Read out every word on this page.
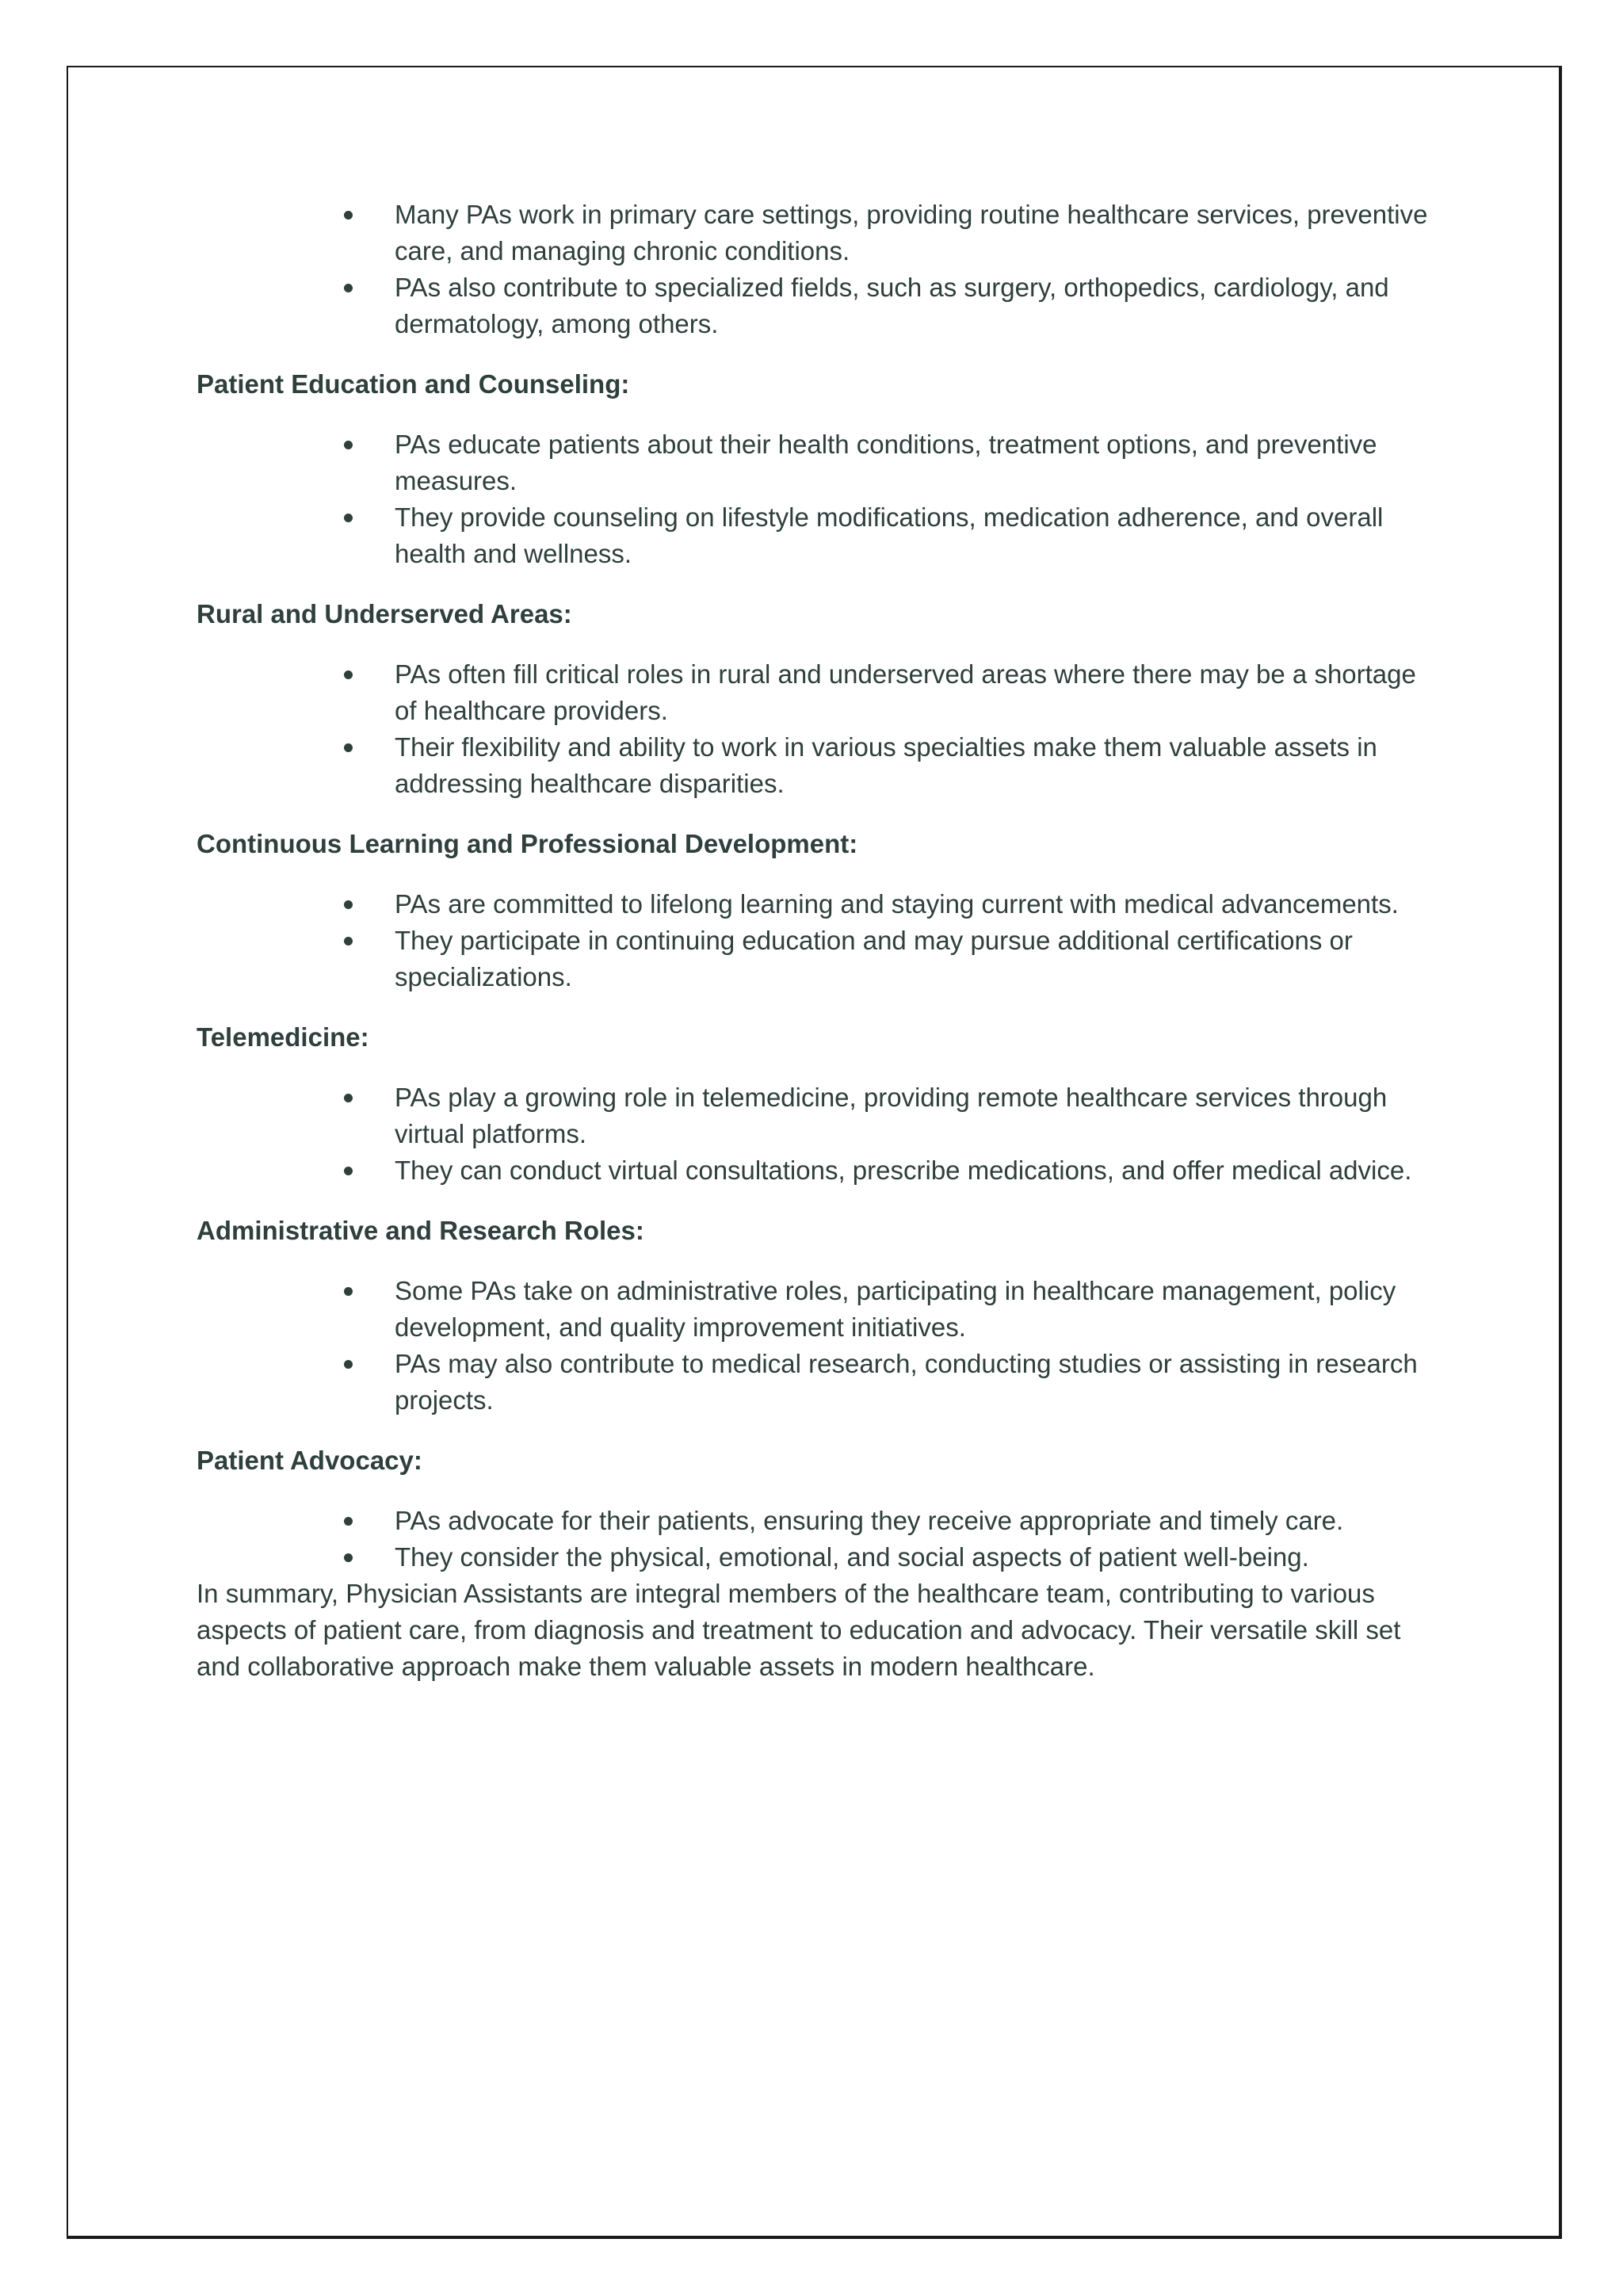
Many PAs work in primary care settings, providing routine healthcare services, preventive care, and managing chronic conditions.
PAs also contribute to specialized fields, such as surgery, orthopedics, cardiology, and dermatology, among others.

Patient Education and Counseling:

PAs educate patients about their health conditions, treatment options, and preventive measures.
They provide counseling on lifestyle modifications, medication adherence, and overall health and wellness.

Rural and Underserved Areas:

PAs often fill critical roles in rural and underserved areas where there may be a shortage of healthcare providers.
Their flexibility and ability to work in various specialties make them valuable assets in addressing healthcare disparities.

Continuous Learning and Professional Development:

PAs are committed to lifelong learning and staying current with medical advancements.
They participate in continuing education and may pursue additional certifications or specializations.

Telemedicine:

PAs play a growing role in telemedicine, providing remote healthcare services through virtual platforms.
They can conduct virtual consultations, prescribe medications, and offer medical advice.

Administrative and Research Roles:

Some PAs take on administrative roles, participating in healthcare management, policy development, and quality improvement initiatives.
PAs may also contribute to medical research, conducting studies or assisting in research projects.

Patient Advocacy:

PAs advocate for their patients, ensuring they receive appropriate and timely care.
They consider the physical, emotional, and social aspects of patient well-being.

In summary, Physician Assistants are integral members of the healthcare team, contributing to various aspects of patient care, from diagnosis and treatment to education and advocacy. Their versatile skill set and collaborative approach make them valuable assets in modern healthcare.
